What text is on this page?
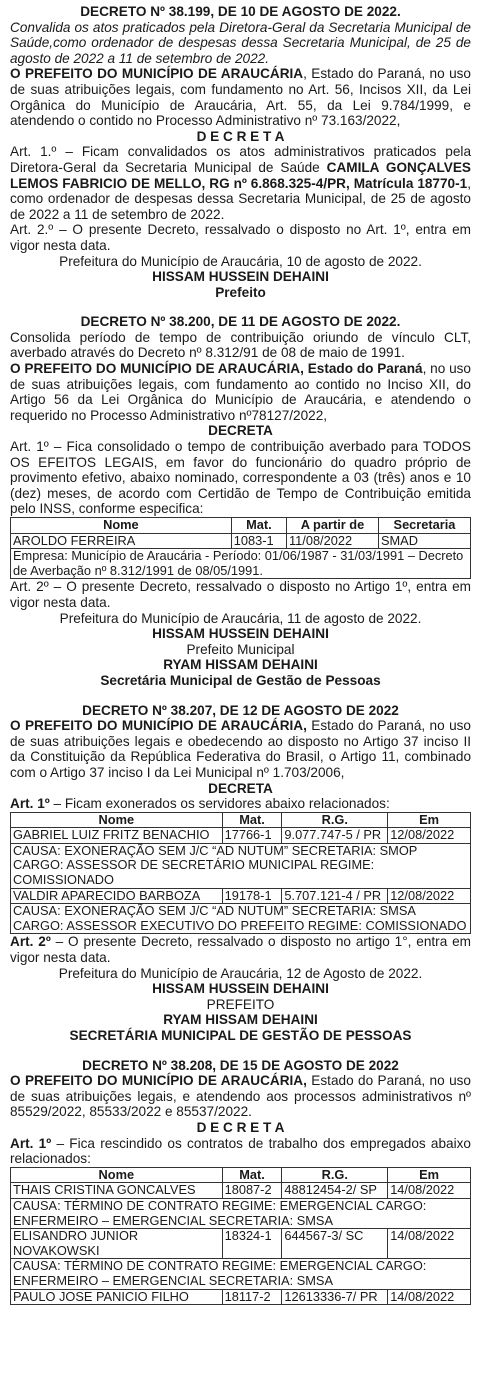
DECRETO Nº 38.199, DE 10 DE AGOSTO DE 2022.

Convalida os atos praticados pela Diretora-Geral da Secretaria Municipal de Saúde,como ordenador de despesas dessa Secretaria Municipal, de 25 de agosto de 2022 a 11 de setembro de 2022.

O PREFEITO DO MUNICÍPIO DE ARAUCÁRIA, Estado do Paraná, no uso de suas atribuições legais, com fundamento no Art. 56, Incisos XII, da Lei Orgânica do Município de Araucária, Art. 55, da Lei 9.784/1999, e atendendo o contido no Processo Administrativo nº 73.163/2022,

D E C R E T A

Art. 1.º – Ficam convalidados os atos administrativos praticados pela Diretora-Geral da Secretaria Municipal de Saúde CAMILA GONÇALVES LEMOS FABRICIO DE MELLO, RG nº 6.868.325-4/PR, Matrícula 18770-1, como ordenador de despesas dessa Secretaria Municipal, de 25 de agosto de 2022 a 11 de setembro de 2022.

Art. 2.º – O presente Decreto, ressalvado o disposto no Art. 1º, entra em vigor nesta data.

Prefeitura do Município de Araucária, 10 de agosto de 2022.
HISSAM HUSSEIN DEHAINI
Prefeito
DECRETO Nº 38.200, DE 11 DE AGOSTO DE 2022.

Consolida período de tempo de contribuição oriundo de vínculo CLT, averbado através do Decreto nº 8.312/91 de 08 de maio de 1991.

O PREFEITO DO MUNICÍPIO DE ARAUCÁRIA, Estado do Paraná, no uso de suas atribuições legais, com fundamento ao contido no Inciso XII, do Artigo 56 da Lei Orgânica do Município de Araucária, e atendendo o requerido no Processo Administrativo nº78127/2022,

DECRETA

Art. 1º – Fica consolidado o tempo de contribuição averbado para TODOS OS EFEITOS LEGAIS, em favor do funcionário do quadro próprio de provimento efetivo, abaixo nominado, correspondente a 03 (três) anos e 10 (dez) meses, de acordo com Certidão de Tempo de Contribuição emitida pelo INSS, conforme especifica:

Nome	Mat.	A partir de	Secretaria
AROLDO FERREIRA	1083-1	11/08/2022	SMAD
Empresa: Município de Araucária - Período: 01/06/1987 - 31/03/1991 – Decreto de Averbação nº 8.312/1991 de 08/05/1991.			

Art. 2º – O presente Decreto, ressalvado o disposto no Artigo 1º, entra em vigor nesta data.

Prefeitura do Município de Araucária, 11 de agosto de 2022.
HISSAM HUSSEIN DEHAINI
Prefeito Municipal
RYAM HISSAM DEHAINI
Secretária Municipal de Gestão de Pessoas
DECRETO Nº 38.207, DE 12 DE AGOSTO DE 2022

O PREFEITO DO MUNICÍPIO DE ARAUCÁRIA, Estado do Paraná, no uso de suas atribuições legais e obedecendo ao disposto no Artigo 37 inciso II da Constituição da República Federativa do Brasil, o Artigo 11, combinado com o Artigo 37 inciso I da Lei Municipal nº 1.703/2006,

DECRETA

Art. 1º – Ficam exonerados os servidores abaixo relacionados:

Nome	Mat.	R.G.	Em
GABRIEL LUIZ FRITZ BENACHIO	17766-1	9.077.747-5 / PR	12/08/2022
CAUSA: EXONERAÇÃO SEM J/C “AD NUTUM” SECRETARIA: SMOP CARGO: ASSESSOR DE SECRETÁRIO MUNICIPAL REGIME: COMISSIONADO			
VALDIR APARECIDO BARBOZA	19178-1	5.707.121-4 / PR	12/08/2022
CAUSA: EXONERAÇÃO SEM J/C “AD NUTUM” SECRETARIA: SMSA CARGO: ASSESSOR EXECUTIVO DO PREFEITO REGIME: COMISSIONADO			

Art. 2º – O presente Decreto, ressalvado o disposto no artigo 1°, entra em vigor nesta data.

Prefeitura do Município de Araucária, 12 de Agosto de 2022.
HISSAM HUSSEIN DEHAINI
PREFEITO
RYAM HISSAM DEHAINI
SECRETÁRIA MUNICIPAL DE GESTÃO DE PESSOAS
DECRETO Nº 38.208, DE 15 DE AGOSTO DE 2022

O PREFEITO DO MUNICÍPIO DE ARAUCÁRIA, Estado do Paraná, no uso de suas atribuições legais, e atendendo aos processos administrativos nº 85529/2022, 85533/2022 e 85537/2022.

D E C R E T A

Art. 1º – Fica rescindido os contratos de trabalho dos empregados abaixo relacionados:

Nome	Mat.	R.G.	Em
THAIS CRISTINA GONCALVES	18087-2	48812454-2/ SP	14/08/2022
CAUSA: TÉRMINO DE CONTRATO REGIME: EMERGENCIAL CARGO: ENFERMEIRO – EMERGENCIAL SECRETARIA: SMSA			
ELISANDRO JUNIOR NOVAKOWSKI	18324-1	644567-3/ SC	14/08/2022
CAUSA: TÉRMINO DE CONTRATO REGIME: EMERGENCIAL CARGO: ENFERMEIRO – EMERGENCIAL SECRETARIA: SMSA			
PAULO JOSE PANICIO FILHO	18117-2	12613336-7/ PR	14/08/2022
